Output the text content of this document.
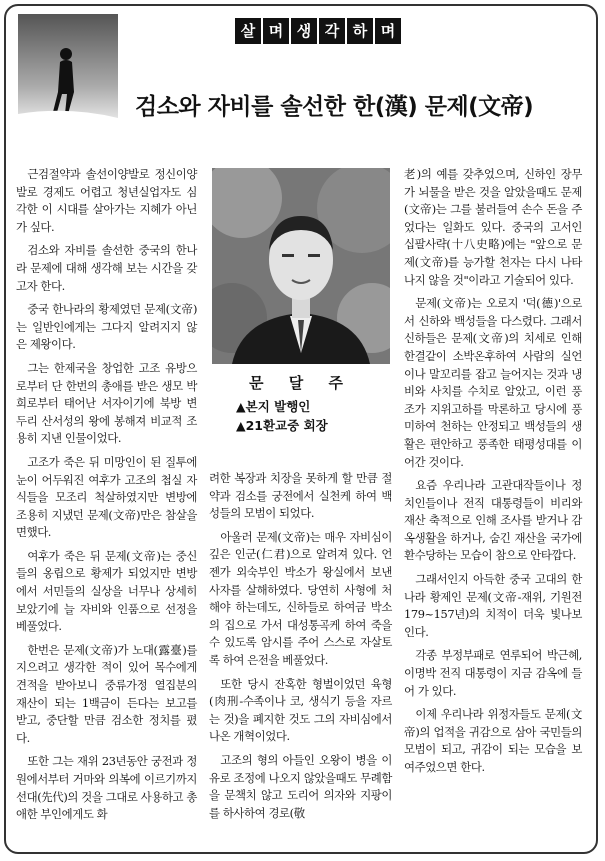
살 며 생 각 하 며
검소와 자비를 솔선한 한(漢) 문제(文帝)

근검절약과 솔선이양발로 정신이양발로 경제도 어렵고 청년실업자도 심각한 이 시대를 살아가는 지혜가 아닌가 싶다.

검소와 자비를 솔선한 중국의 한나라 문제에 대해 생각해 보는 시간을 갖고자 한다.

중국 한나라의 황제였던 문제(文帝)는 일반인에게는 그다지 알려지지 않은 제왕이다.

그는 한제국을 창업한 고조 유방으로부터 단 한번의 총애를 받은 생모 박희로부터 태어난 서자이기에 북방 변두리 산서성의 왕에 봉해져 비교적 조용히 지낸 인물이었다.

고조가 죽은 뒤 미망인이 된 질투에 눈이 어두워진 여후가 고조의 첩실 자식들을 모조리 척살하였지만 변방에 조용히 지냈던 문제(文帝)만은 참살을 면했다.

여후가 죽은 뒤 문제(文帝)는 중신들의 옹립으로 황제가 되었지만 변방에서 서민들의 실상을 너무나 상세히 보았기에 늘 자비와 인품으로 선정을 베풀었다.

한번은 문제(文帝)가 노대(露臺)를 지으려고 생각한 적이 있어 목수에게 견적을 받아보니 중류가정 열집분의 재산이 되는 1백금이 든다는 보고를 받고, 중단할 만큼 검소한 정치를 폈다.

또한 그는 재위 23년동안 궁전과 정원에서부터 거마와 의복에 이르기까지 선대(先代)의 것을 그대로 사용하고 총애한 부인에게도 화

문 달 주
▲본지 발행인
▲21환교중 회장

려한 복장과 치장을 못하게 할 만큼 절약과 검소를 궁전에서 실천케 하여 백성들의 모범이 되었다.

아울러 문제(文帝)는 매우 자비심이 깊은 인군(仁君)으로 알려져 있다. 언젠가 외숙부인 박소가 왕실에서 보낸 사자를 살해하였다. 당연히 사형에 처해야 하는데도, 신하들로 하여금 박소의 집으로 가서 대성통곡케 하여 죽을 수 있도록 암시를 주어 스스로 자살토록 하여 은전을 베풀었다.

또한 당시 잔혹한 형벌이었던 육형(肉刑-수족이나 코, 생식기 등을 자르는 것)을 폐지한 것도 그의 자비심에서 나온 개혁이었다.

고조의 형의 아들인 오왕이 병을 이유로 조정에 나오지 않았을때도 무례함을 문책치 않고 도리어 의자와 지팡이를 하사하여 경로(敬

老)의 예를 갖추었으며, 신하인 장무가 뇌물을 받은 것을 알았을때도 문제(文帝)는 그를 불러들여 손수 돈을 주었다는 일화도 있다. 중국의 고서인 십팔사략(十八史略)에는 "앞으로 문제(文帝)를 능가할 천자는 다시 나타나지 않을 것"이라고 기술되어 있다.

문제(文帝)는 오로지 '덕(德)'으로서 신하와 백성들을 다스렸다. 그래서 신하들은 문제(文帝)의 치세로 인해 한결같이 소박온후하여 사람의 실언이나 말꼬리를 잡고 늘어지는 것과 냉비와 사치를 수치로 알았고, 이런 풍조가 지위고하를 막론하고 당시에 풍미하여 천하는 안정되고 백성들의 생활은 편안하고 풍족한 태평성대를 이어간 것이다.

요즘 우리나라 고관대작들이나 정치인들이나 전직 대통령들이 비리와 재산 축적으로 인해 조사를 받거나 감옥생활을 하거나, 숨긴 재산을 국가에 환수당하는 모습이 참으로 안타깝다.

그래서인지 아득한 중국 고대의 한나라 황제인 문제(文帝-재위, 기원전 179~157년)의 치적이 더욱 빛나보인다.

각종 부정부패로 연루되어 박근혜, 이명박 전직 대통령이 지금 감옥에 들어 가 있다.

이제 우리나라 위정자들도 문제(文帝)의 업적을 귀감으로 삼아 국민들의 모범이 되고, 귀감이 되는 모습을 보여주었으면 한다.
